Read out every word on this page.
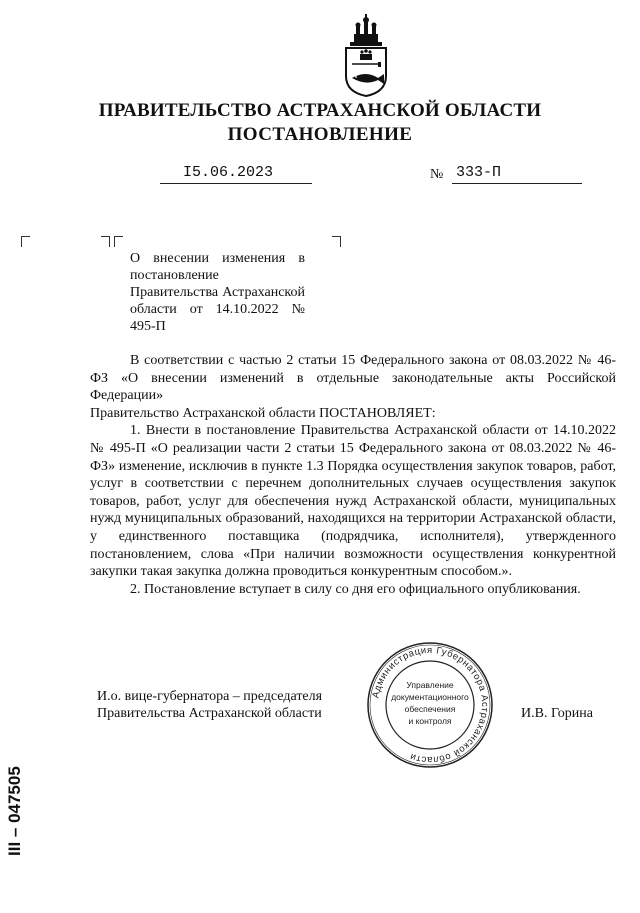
ПРАВИТЕЛЬСТВО АСТРАХАНСКОЙ ОБЛАСТИ
ПОСТАНОВЛЕНИЕ
I5.06.2023	№ 333-П
О внесении изменения в постановление Правительства Астраханской области от 14.10.2022 № 495-П

В соответствии с частью 2 статьи 15 Федерального закона от 08.03.2022 № 46-ФЗ «О внесении изменений в отдельные законодательные акты Российской Федерации»

Правительство Астраханской области ПОСТАНОВЛЯЕТ:

1. Внести в постановление Правительства Астраханской области от 14.10.2022 № 495-П «О реализации части 2 статьи 15 Федерального закона от 08.03.2022 № 46-ФЗ» изменение, исключив в пункте 1.3 Порядка осуществления закупок товаров, работ, услуг в соответствии с перечнем дополнительных случаев осуществления закупок товаров, работ, услуг для обеспечения нужд Астраханской области, муниципальных нужд муниципальных образований, находящихся на территории Астраханской области, у единственного поставщика (подрядчика, исполнителя), утвержденного постановлением, слова «При наличии возможности осуществления конкурентной закупки такая закупка должна проводиться конкурентным способом.».

2. Постановление вступает в силу со дня его официального опубликования.

И.о. вице-губернатора – председателя
Правительства Астраханской области	И.В. Горина
Администрация Губернатора Астраханской области
Управление
документационного
обеспечения
и контроля
III – 047505
